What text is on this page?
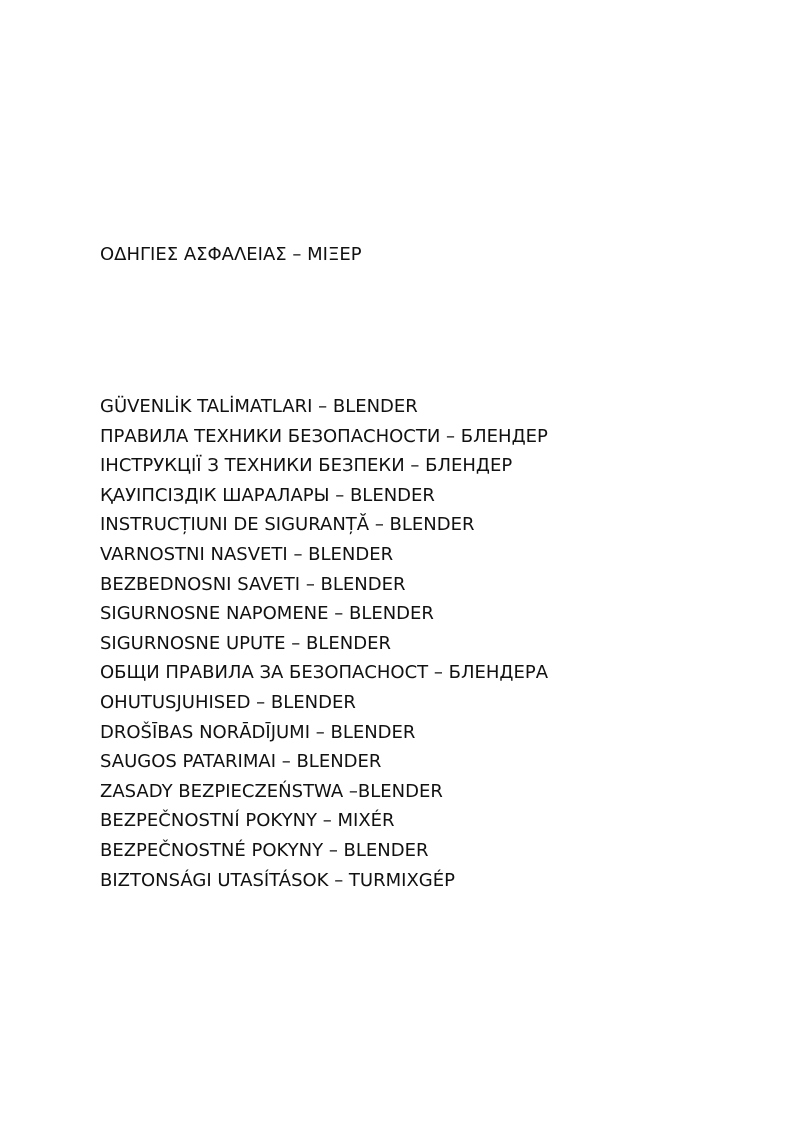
ΟΔΗΓΙΕΣ ΑΣΦΑΛΕΙΑΣ – ΜΙΞΕΡ
GÜVENLİK TALİMATLARI – BLENDER
ПРАВИЛА ТЕХНИКИ БЕЗОПАСНОСТИ – БЛЕНДЕР
ІНСТРУКЦІЇ З ТЕХНИКИ БЕЗПЕКИ – БЛЕНДЕР
ҚАУІПСІЗДІК ШАРАЛАРЫ – BLENDER
INSTRUCȚIUNI DE SIGURANȚĂ – BLENDER
VARNOSTNI NASVETI – BLENDER
BEZBEDNOSNI SAVETI – BLENDER
SIGURNOSNE NAPOMENE – BLENDER
SIGURNOSNE UPUTE – BLENDER
ОБЩИ ПРАВИЛА ЗА БЕЗОПАСНОСТ – БЛЕНДЕРА
OHUTUSJUHISED – BLENDER
DROŠĪBAS NORĀDĪJUMI – BLENDER
SAUGOS PATARIMAI – BLENDER
ZASADY BEZPIECZEŃSTWA –BLENDER
BEZPEČNOSTNÍ POKYNY – MIXÉR
BEZPEČNOSTNÉ POKYNY – BLENDER
BIZTONSÁGI UTASÍTÁSOK – TURMIXGÉP
